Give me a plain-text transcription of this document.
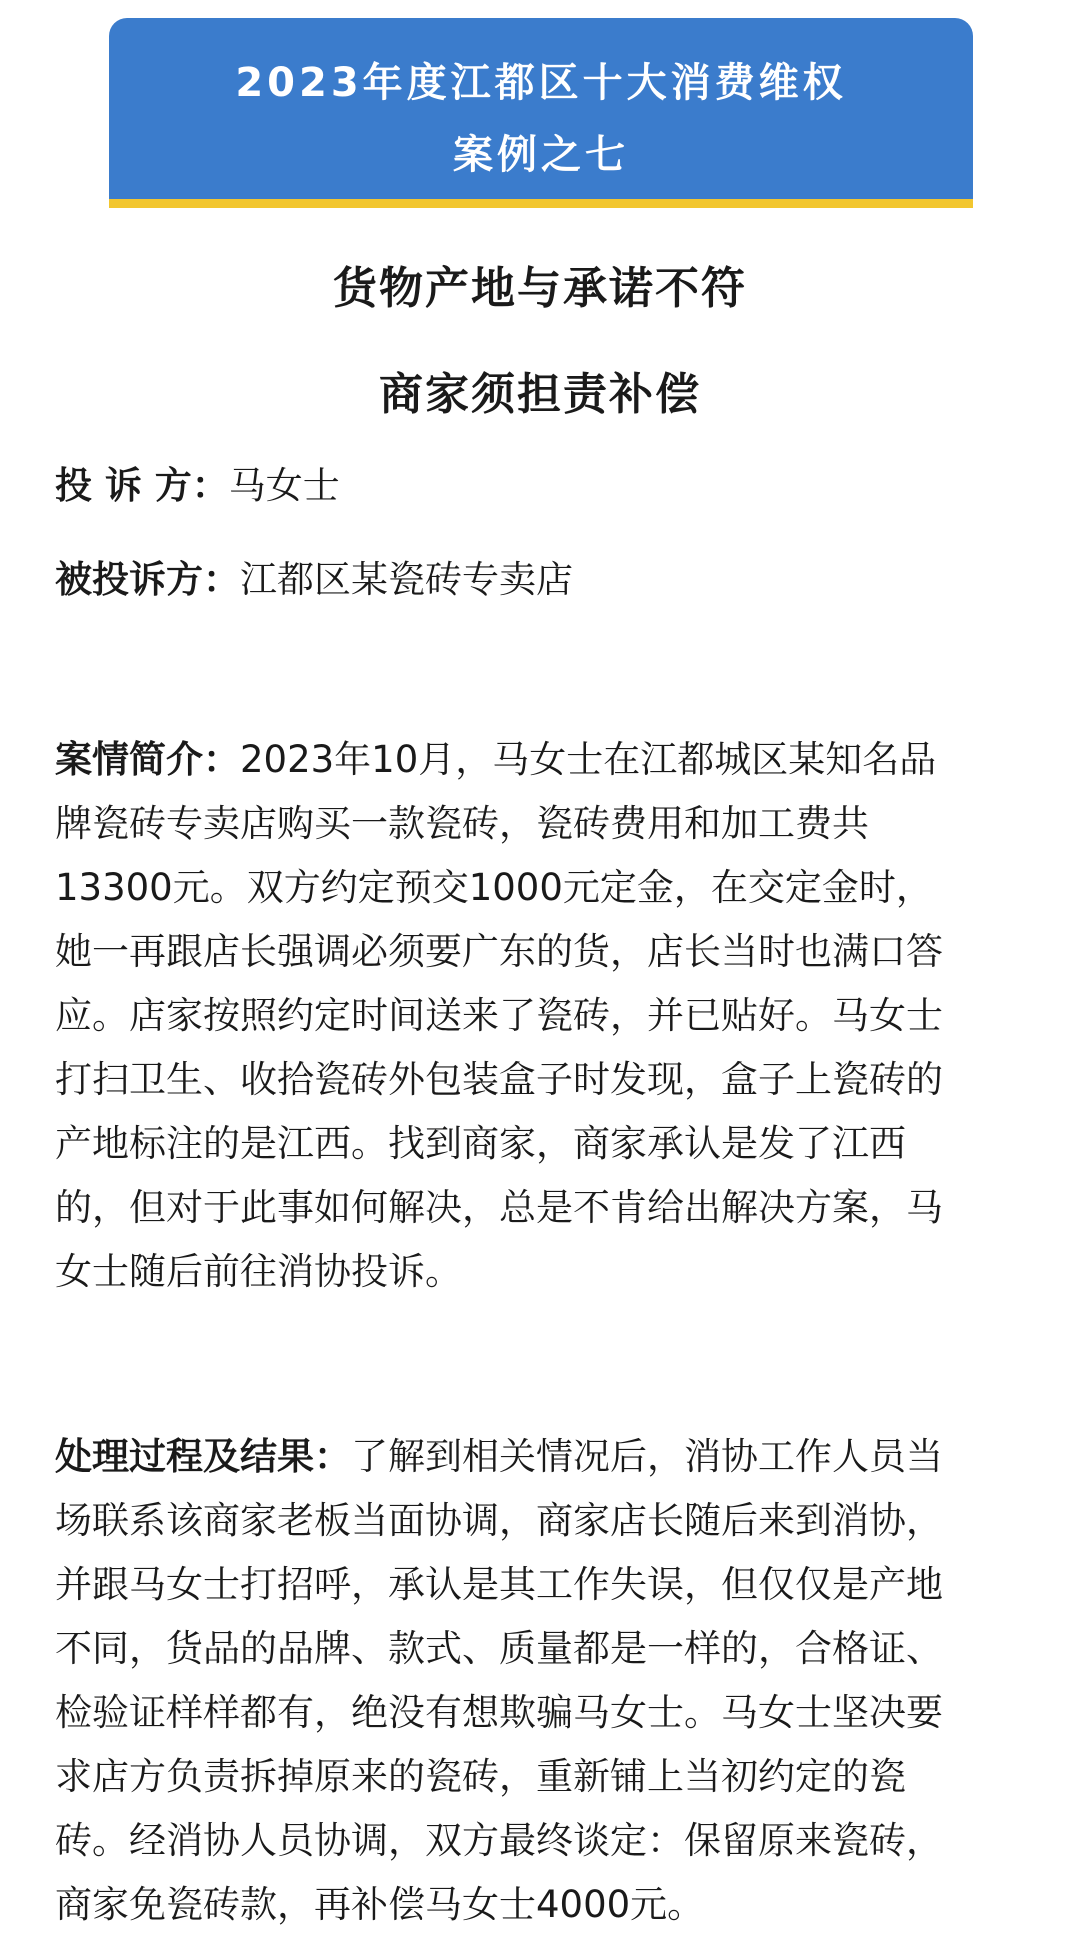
2023年度江都区十大消费维权
案例之七
货物产地与承诺不符
商家须担责补偿
投 诉 方：马女士
被投诉方：江都区某瓷砖专卖店
案情简介：2023年10月，马女士在江都城区某知名品
牌瓷砖专卖店购买一款瓷砖，瓷砖费用和加工费共
13300元。双方约定预交1000元定金，在交定金时，
她一再跟店长强调必须要广东的货，店长当时也满口答
应。店家按照约定时间送来了瓷砖，并已贴好。马女士
打扫卫生、收拾瓷砖外包装盒子时发现，盒子上瓷砖的
产地标注的是江西。找到商家，商家承认是发了江西
的，但对于此事如何解决，总是不肯给出解决方案，马
女士随后前往消协投诉。
处理过程及结果：了解到相关情况后，消协工作人员当
场联系该商家老板当面协调，商家店长随后来到消协，
并跟马女士打招呼，承认是其工作失误，但仅仅是产地
不同，货品的品牌、款式、质量都是一样的，合格证、
检验证样样都有，绝没有想欺骗马女士。马女士坚决要
求店方负责拆掉原来的瓷砖，重新铺上当初约定的瓷
砖。经消协人员协调，双方最终谈定：保留原来瓷砖，
商家免瓷砖款，再补偿马女士4000元。
